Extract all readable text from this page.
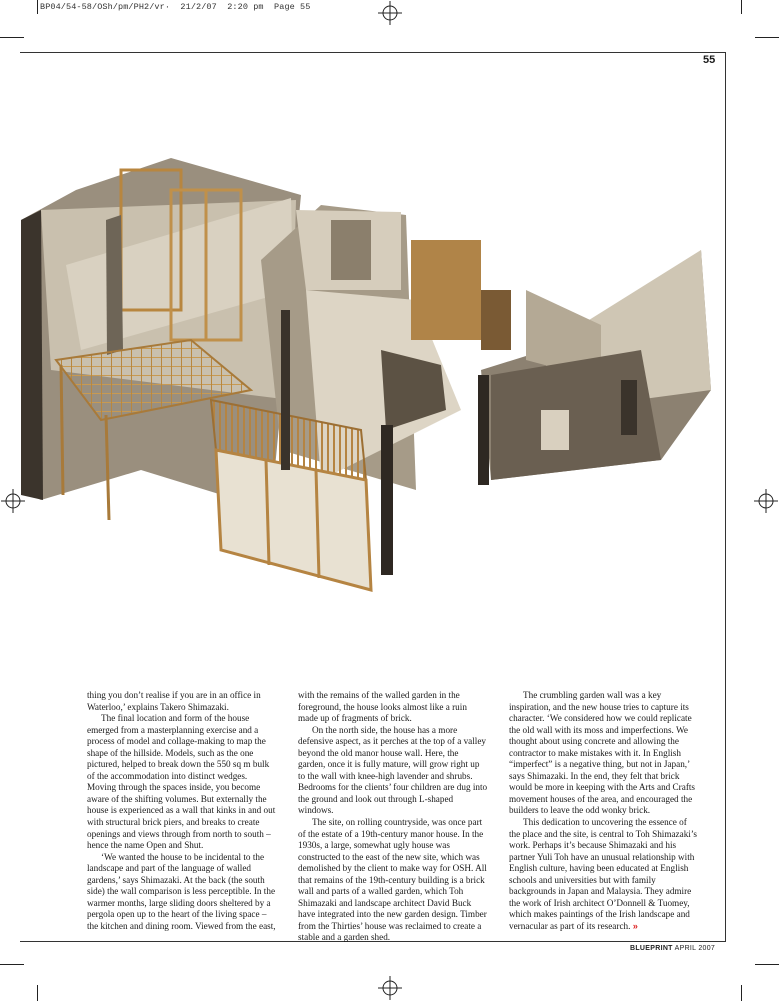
BP04/54-58/OSh/pm/PH2/vr·  21/2/07  2:20 pm  Page 55
55

thing you don’t realise if you are in an office in Waterloo,’ explains Takero Shimazaki.

The final location and form of the house emerged from a masterplanning exercise and a process of model and collage-making to map the shape of the hillside. Models, such as the one pictured, helped to break down the 550 sq m bulk of the accommodation into distinct wedges. Moving through the spaces inside, you become aware of the shifting volumes. But externally the house is experienced as a wall that kinks in and out with structural brick piers, and breaks to create openings and views through from north to south – hence the name Open and Shut.

‘We wanted the house to be incidental to the landscape and part of the language of walled gardens,’ says Shimazaki. At the back (the south side) the wall comparison is less perceptible. In the warmer months, large sliding doors sheltered by a pergola open up to the heart of the living space – the kitchen and dining room. Viewed from the east,

with the remains of the walled garden in the foreground, the house looks almost like a ruin made up of fragments of brick.

On the north side, the house has a more defensive aspect, as it perches at the top of a valley beyond the old manor house wall. Here, the garden, once it is fully mature, will grow right up to the wall with knee-high lavender and shrubs. Bedrooms for the clients’ four children are dug into the ground and look out through L-shaped windows.

The site, on rolling countryside, was once part of the estate of a 19th-century manor house. In the 1930s, a large, somewhat ugly house was constructed to the east of the new site, which was demolished by the client to make way for OSH. All that remains of the 19th-century building is a brick wall and parts of a walled garden, which Toh Shimazaki and landscape architect David Buck have integrated into the new garden design. Timber from the Thirties’ house was reclaimed to create a stable and a garden shed.

The crumbling garden wall was a key inspiration, and the new house tries to capture its character. ‘We considered how we could replicate the old wall with its moss and imperfections. We thought about using concrete and allowing the contractor to make mistakes with it. In English “imperfect” is a negative thing, but not in Japan,’ says Shimazaki. In the end, they felt that brick would be more in keeping with the Arts and Crafts movement houses of the area, and encouraged the builders to leave the odd wonky brick.

This dedication to uncovering the essence of the place and the site, is central to Toh Shimazaki’s work. Perhaps it’s because Shimazaki and his partner Yuli Toh have an unusual relationship with English culture, having been educated at English schools and universities but with family backgrounds in Japan and Malaysia. They admire the work of Irish architect O’Donnell & Tuomey, which makes paintings of the Irish landscape and vernacular as part of its research. »

BLUEPRINT APRIL 2007
